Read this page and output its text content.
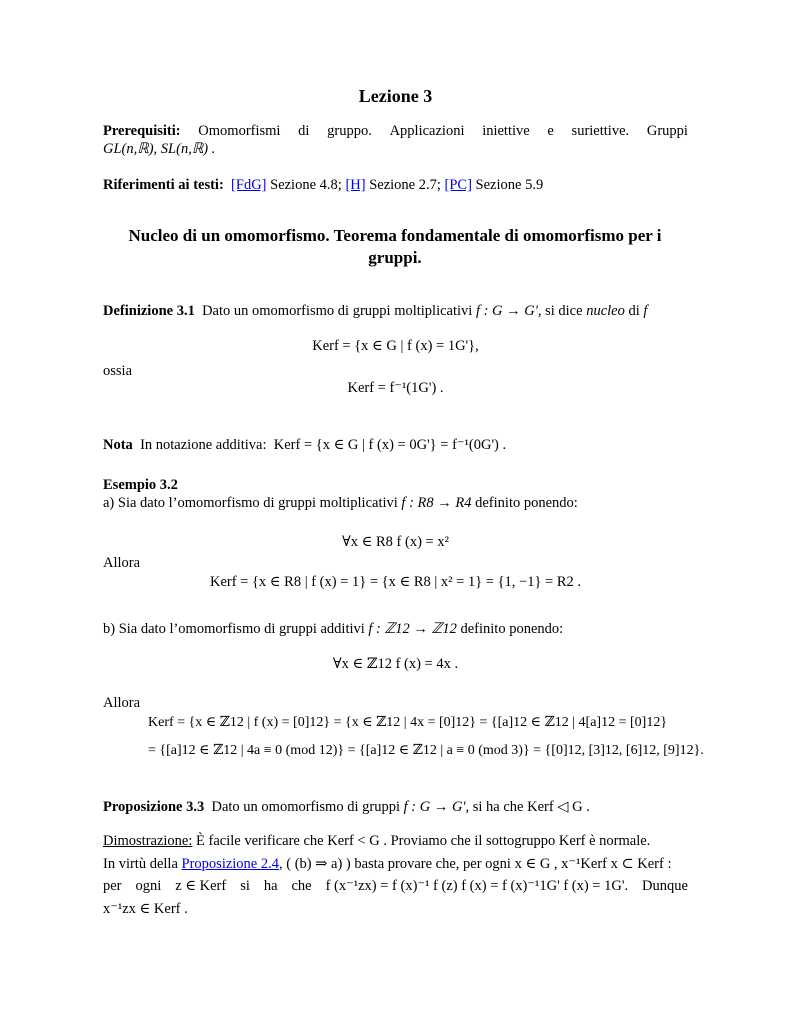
Lezione 3
Prerequisiti: Omomorfismi di gruppo. Applicazioni iniettive e suriettive. Gruppi
GL(n,ℝ), SL(n,ℝ) .
Riferimenti ai testi: [FdG] Sezione 4.8; [H] Sezione 2.7; [PC] Sezione 5.9
Nucleo di un omomorfismo. Teorema fondamentale di omomorfismo per i gruppi.
Definizione 3.1 Dato un omomorfismo di gruppi moltiplicativi f : G → G', si dice nucleo di f
Kerf = {x ∈ G | f (x) = 1G'},
ossia
Kerf = f⁻¹(1G') .
Nota In notazione additiva: Kerf = {x ∈ G | f (x) = 0G'} = f⁻¹(0G') .
Esempio 3.2
a) Sia dato l’omomorfismo di gruppi moltiplicativi f : R8 → R4 definito ponendo:
∀x ∈ R8 f (x) = x²
Allora
Kerf = {x ∈ R8 | f (x) = 1} = {x ∈ R8 | x² = 1} = {1, −1} = R2 .
b) Sia dato l’omomorfismo di gruppi additivi f : ℤ12 → ℤ12 definito ponendo:
∀x ∈ ℤ12 f (x) = 4x .
Allora
Kerf = {x ∈ ℤ12 | f (x) = [0]12} = {x ∈ ℤ12 | 4x = [0]12} = {[a]12 ∈ ℤ12 | 4[a]12 = [0]12}
= {[a]12 ∈ ℤ12 | 4a ≡ 0 (mod 12)} = {[a]12 ∈ ℤ12 | a ≡ 0 (mod 3)} = {[0]12, [3]12, [6]12, [9]12}.
Proposizione 3.3 Dato un omomorfismo di gruppi f : G → G', si ha che Kerf ◁ G .
Dimostrazione: È facile verificare che Kerf < G . Proviamo che il sottogruppo Kerf è normale.
In virtù della Proposizione 2.4, ( (b) ⇒ a) ) basta provare che, per ogni x ∈ G , x⁻¹Kerf x ⊂ Kerf :
per ogni z ∈ Kerf si ha che f (x⁻¹zx) = f (x)⁻¹ f (z) f (x) = f (x)⁻¹1G' f (x) = 1G'. Dunque
x⁻¹zx ∈ Kerf .
